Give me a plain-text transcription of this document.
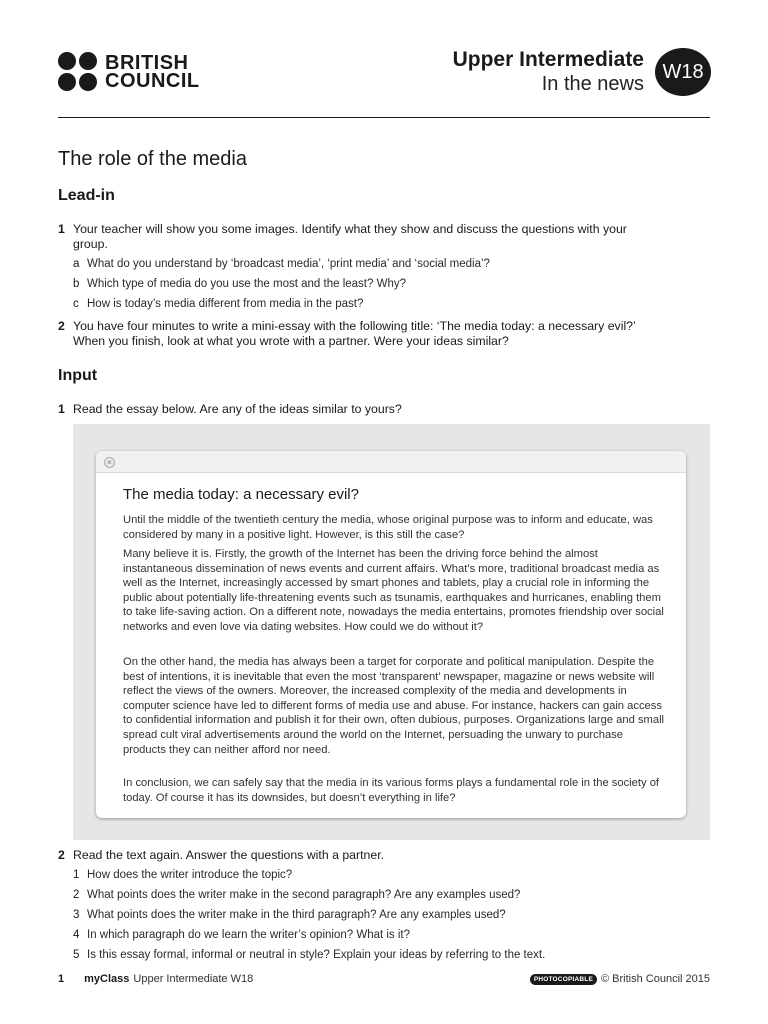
BRITISH
COUNCIL
Upper Intermediate
In the news
W18
The role of the media
Lead-in
1 Your teacher will show you some images. Identify what they show and discuss the questions with your group.
a What do you understand by ‘broadcast media’, ‘print media’ and ‘social media’?
b Which type of media do you use the most and the least? Why?
c How is today’s media different from media in the past?
2 You have four minutes to write a mini-essay with the following title: ‘The media today: a necessary evil?’ When you finish, look at what you wrote with a partner. Were your ideas similar?
Input
1 Read the essay below. Are any of the ideas similar to yours?
×
The media today: a necessary evil?
Until the middle of the twentieth century the media, whose original purpose was to inform and educate, was considered by many in a positive light. However, is this still the case?
Many believe it is. Firstly, the growth of the Internet has been the driving force behind the almost instantaneous dissemination of news events and current affairs. What’s more, traditional broadcast media as well as the Internet, increasingly accessed by smart phones and tablets, play a crucial role in informing the public about potentially life-threatening events such as tsunamis, earthquakes and hurricanes, enabling them to take life-saving action. On a different note, nowadays the media entertains, promotes friendship over social networks and even love via dating websites. How could we do without it?
On the other hand, the media has always been a target for corporate and political manipulation. Despite the best of intentions, it is inevitable that even the most ‘transparent’ newspaper, magazine or news website will reflect the views of the owners. Moreover, the increased complexity of the media and developments in computer science have led to different forms of media use and abuse. For instance, hackers can gain access to confidential information and publish it for their own, often dubious, purposes. Organizations large and small spread cult viral advertisements around the world on the Internet, persuading the unwary to purchase products they can neither afford nor need.
In conclusion, we can safely say that the media in its various forms plays a fundamental role in the society of today. Of course it has its downsides, but doesn’t everything in life?
2 Read the text again. Answer the questions with a partner.
1 How does the writer introduce the topic?
2 What points does the writer make in the second paragraph? Are any examples used?
3 What points does the writer make in the third paragraph? Are any examples used?
4 In which paragraph do we learn the writer’s opinion? What is it?
5 Is this essay formal, informal or neutral in style? Explain your ideas by referring to the text.
1 myClass Upper Intermediate W18	PHOTOCOPIABLE © British Council 2015
